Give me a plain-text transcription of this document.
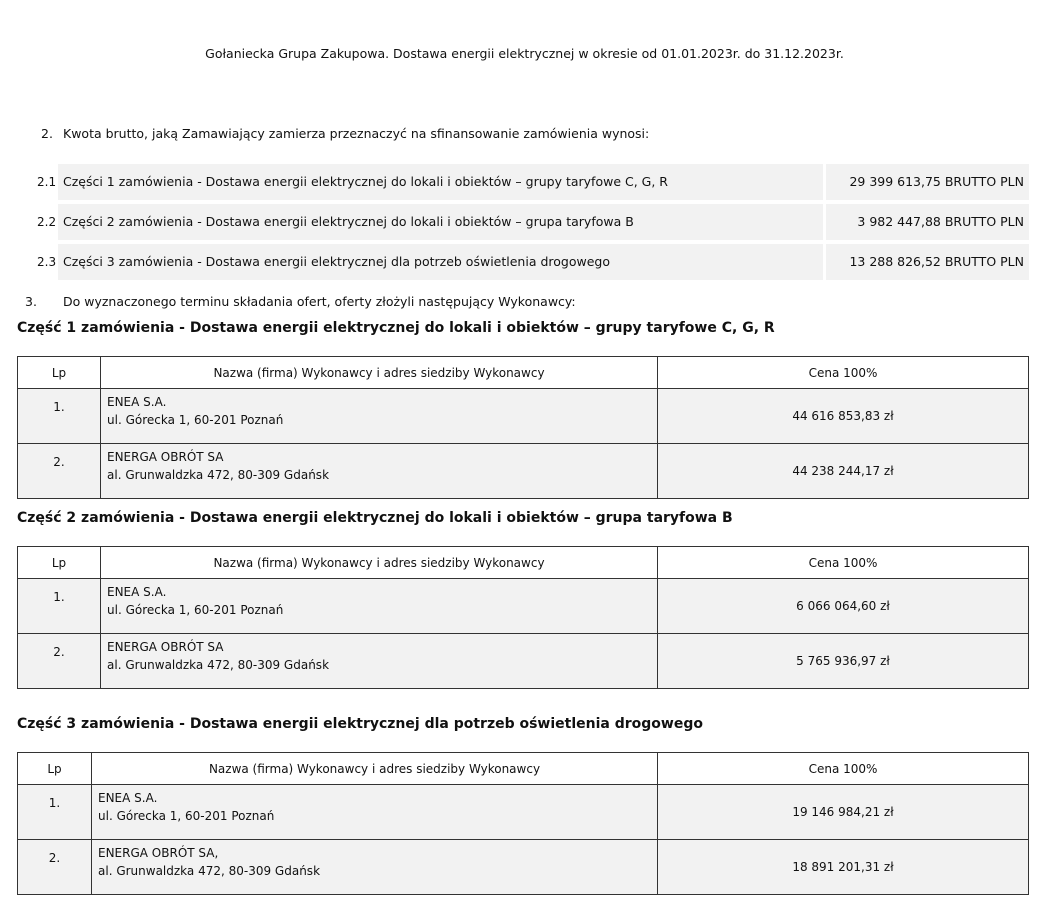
Gołaniecka Grupa Zakupowa. Dostawa energii elektrycznej w okresie od 01.01.2023r. do 31.12.2023r.
2. Kwota brutto, jaką Zamawiający zamierza przeznaczyć na sfinansowanie zamówienia wynosi:
2.1 Części 1 zamówienia - Dostawa energii elektrycznej do lokali i obiektów – grupy taryfowe C, G, R	29 399 613,75 BRUTTO PLN
2.2 Części 2 zamówienia - Dostawa energii elektrycznej do lokali i obiektów – grupa taryfowa B	3 982 447,88 BRUTTO PLN
2.3 Części 3 zamówienia - Dostawa energii elektrycznej dla potrzeb oświetlenia drogowego	13 288 826,52 BRUTTO PLN
3. Do wyznaczonego terminu składania ofert, oferty złożyli następujący Wykonawcy:
Część 1 zamówienia - Dostawa energii elektrycznej do lokali i obiektów – grupy taryfowe C, G, R
Lp	Nazwa (firma) Wykonawcy i adres siedziby Wykonawcy	Cena 100%
1.	ENEA S.A.
ul. Górecka 1, 60-201 Poznań	44 616 853,83 zł
2.	ENERGA OBRÓT SA
al. Grunwaldzka 472, 80-309 Gdańsk	44 238 244,17 zł
Część 2 zamówienia - Dostawa energii elektrycznej do lokali i obiektów – grupa taryfowa B
Lp	Nazwa (firma) Wykonawcy i adres siedziby Wykonawcy	Cena 100%
1.	ENEA S.A.
ul. Górecka 1, 60-201 Poznań	6 066 064,60 zł
2.	ENERGA OBRÓT SA
al. Grunwaldzka 472, 80-309 Gdańsk	5 765 936,97 zł
Część 3 zamówienia - Dostawa energii elektrycznej dla potrzeb oświetlenia drogowego
Lp	Nazwa (firma) Wykonawcy i adres siedziby Wykonawcy	Cena 100%
1.	ENEA S.A.
ul. Górecka 1, 60-201 Poznań	19 146 984,21 zł
2.	ENERGA OBRÓT SA,
al. Grunwaldzka 472, 80-309 Gdańsk	18 891 201,31 zł
